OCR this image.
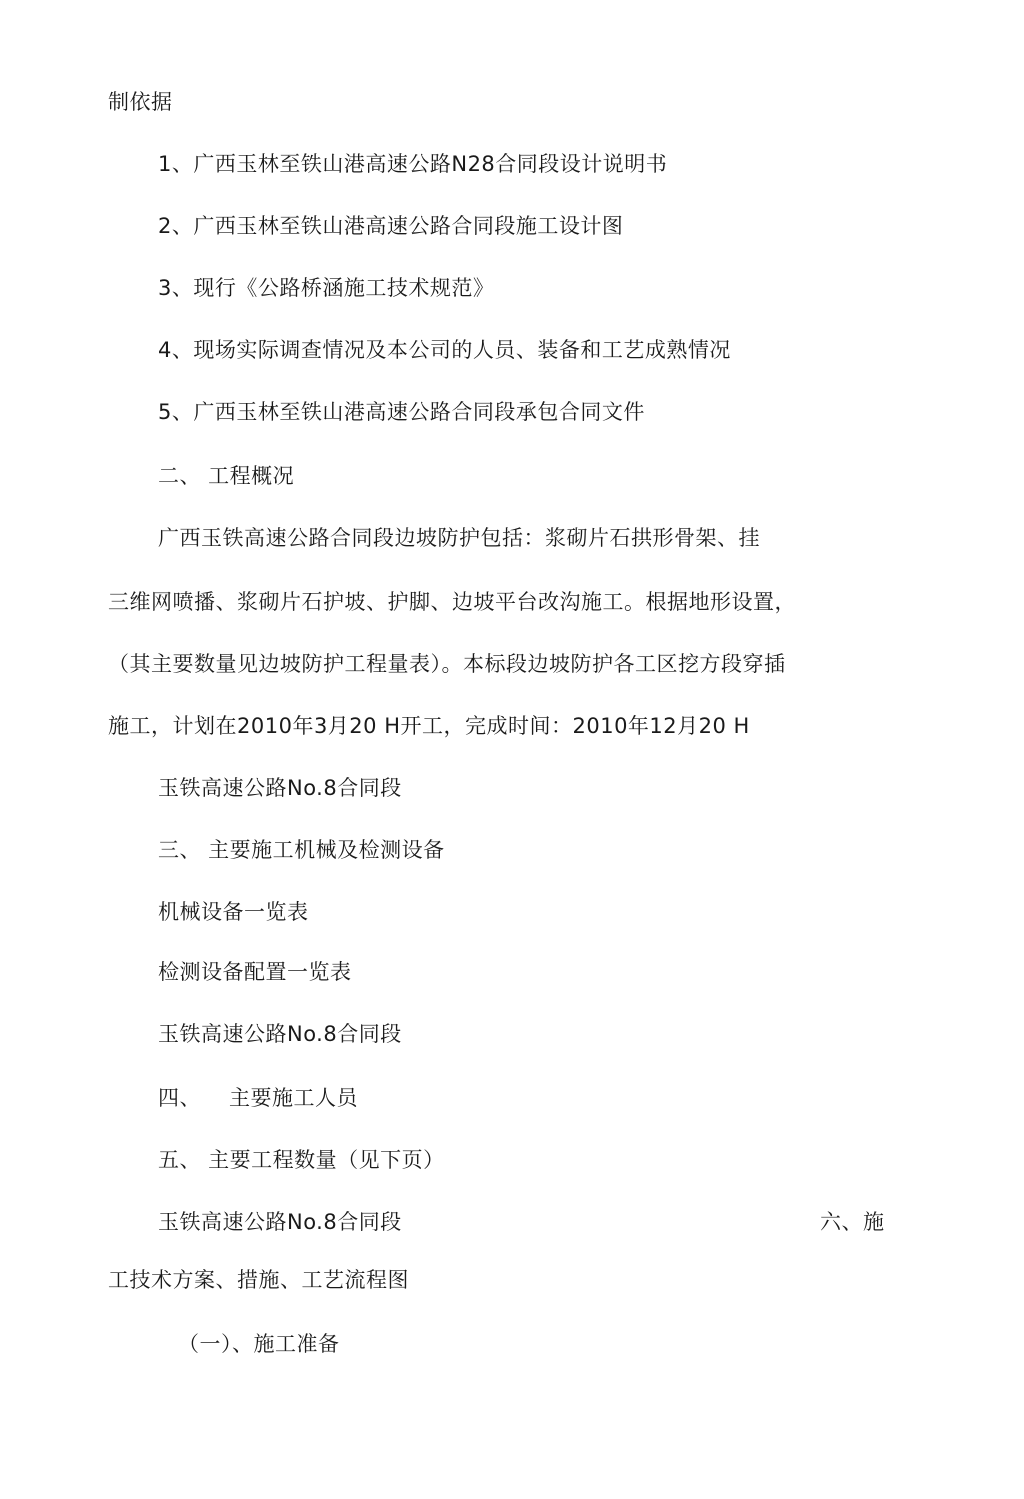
制依据
1、广西玉林至铁山港高速公路N28合同段设计说明书
2、广西玉林至铁山港高速公路合同段施工设计图
3、现行《公路桥涵施工技术规范》
4、现场实际调查情况及本公司的人员、装备和工艺成熟情况
5、广西玉林至铁山港高速公路合同段承包合同文件
二、 工程概况
广西玉铁高速公路合同段边坡防护包括：浆砌片石拱形骨架、挂
三维网喷播、浆砌片石护坡、护脚、边坡平台改沟施工。根据地形设置，
（其主要数量见边坡防护工程量表）。本标段边坡防护各工区挖方段穿插
施工，计划在2010年3月20 H开工，完成时间：2010年12月20 H
玉铁高速公路No.8合同段
三、 主要施工机械及检测设备
机械设备一览表
检测设备配置一览表
玉铁高速公路No.8合同段
四、 主要施工人员
五、 主要工程数量（见下页）
玉铁高速公路No.8合同段	六、施
工技术方案、措施、工艺流程图
（一）、施工准备
